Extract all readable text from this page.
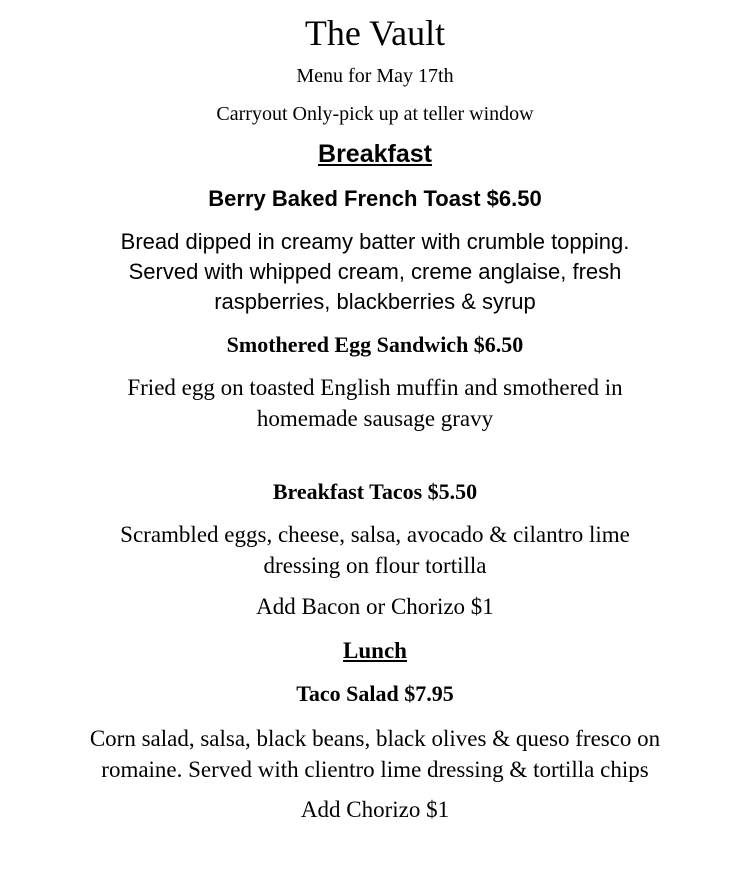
The Vault

Menu for May 17th

Carryout Only-pick up at teller window

Breakfast
Berry Baked French Toast $6.50

Bread dipped in creamy batter with crumble topping.
Served with whipped cream, creme anglaise, fresh
raspberries, blackberries & syrup

Smothered Egg Sandwich $6.50

Fried egg on toasted English muffin and smothered in
homemade sausage gravy

Breakfast Tacos $5.50

Scrambled eggs, cheese, salsa, avocado & cilantro lime
dressing on flour tortilla

Add Bacon or Chorizo $1

Lunch
Taco Salad $7.95

Corn salad, salsa, black beans, black olives & queso fresco on
romaine. Served with clientro lime dressing & tortilla chips

Add Chorizo $1
